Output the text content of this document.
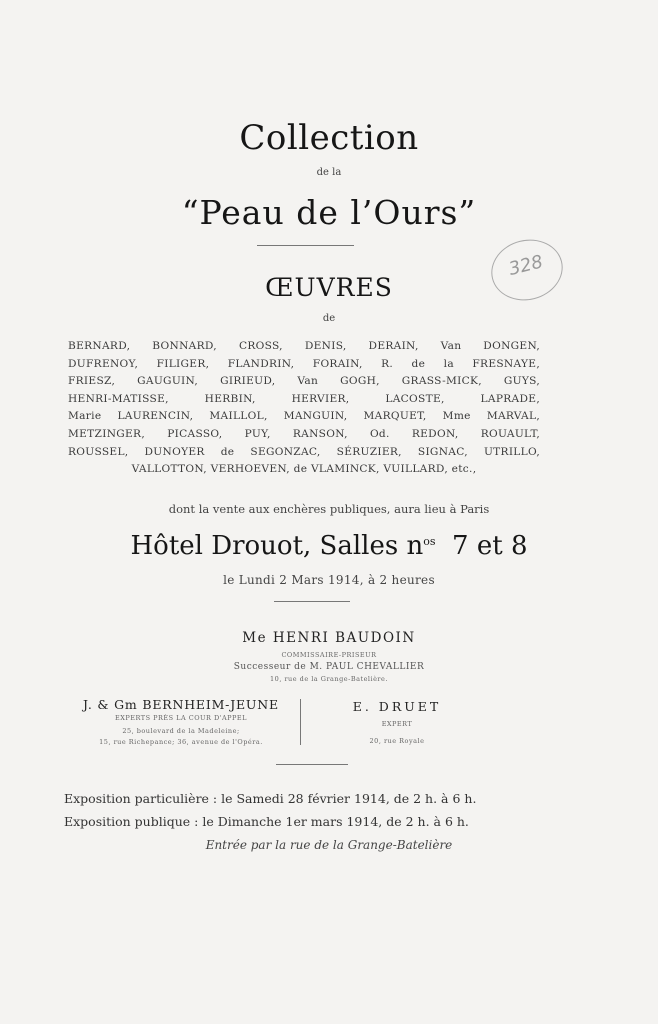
Collection
de la
“Peau de l’Ours”
328
ŒUVRES
de
BERNARD, BONNARD, CROSS, DENIS, DERAIN, Van DONGEN,
DUFRENOY, FILIGER, FLANDRIN, FORAIN, R. de la FRESNAYE,
FRIESZ, GAUGUIN, GIRIEUD, Van GOGH, GRASS-MICK, GUYS,
HENRI-MATISSE, HERBIN, HERVIER, LACOSTE, LAPRADE,
Marie LAURENCIN, MAILLOL, MANGUIN, MARQUET, Mme MARVAL,
METZINGER, PICASSO, PUY, RANSON, Od. REDON, ROUAULT,
ROUSSEL, DUNOYER de SEGONZAC, SÉRUZIER, SIGNAC, UTRILLO,
VALLOTTON, VERHOEVEN, de VLAMINCK, VUILLARD, etc.,
dont la vente aux enchères publiques, aura lieu à Paris
Hôtel Drouot, Salles $n^{os}$ 7 et 8
le Lundi 2 Mars 1914, à 2 heures
Me HENRI BAUDOIN
COMMISSAIRE-PRISEUR
Successeur de M. PAUL CHEVALLIER
10, rue de la Grange-Batelière.
J. & Gm BERNHEIM-JEUNE
EXPERTS PRÈS LA COUR D'APPEL
25, boulevard de la Madeleine;
15, rue Richepance; 36, avenue de l'Opéra.
E. DRUET
EXPERT
20, rue Royale
Exposition particulière : le Samedi 28 février 1914, de 2 h. à 6 h.
Exposition publique : le Dimanche 1er mars 1914, de 2 h. à 6 h.
Entrée par la rue de la Grange-Batelière
